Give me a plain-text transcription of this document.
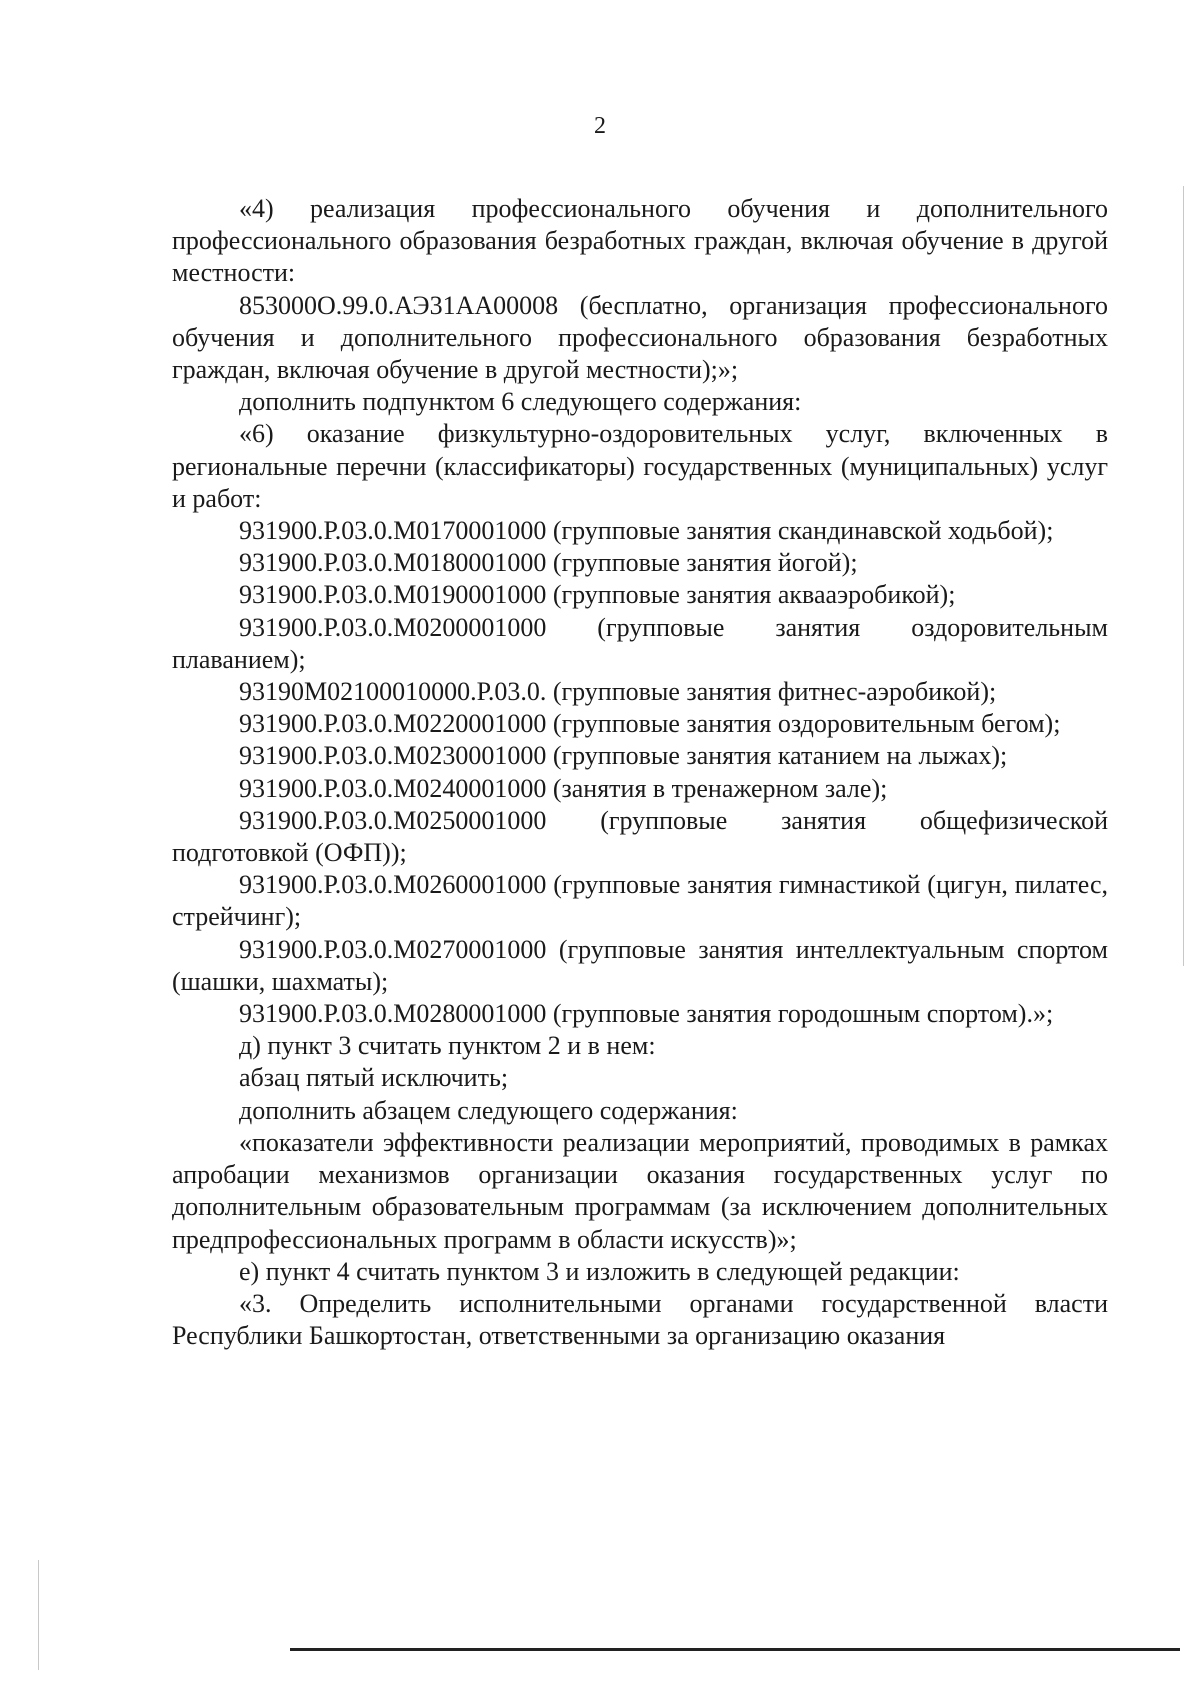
2

«4) реализация профессионального обучения и дополнительного профессионального образования безработных граждан, включая обучение в другой местности:

853000О.99.0.АЭ31АА00008 (бесплатно, организация профессионального обучения и дополнительного профессионального образования безработных граждан, включая обучение в другой местности);»;

дополнить подпунктом 6 следующего содержания:

«6) оказание физкультурно-оздоровительных услуг, включенных в региональные перечни (классификаторы) государственных (муниципальных) услуг и работ:

931900.Р.03.0.М0170001000 (групповые занятия скандинавской ходьбой);

931900.Р.03.0.М0180001000 (групповые занятия йогой);

931900.Р.03.0.М0190001000 (групповые занятия аквааэробикой);

931900.Р.03.0.М0200001000 (групповые занятия оздоровительным плаванием);

93190М02100010000.Р.03.0. (групповые занятия фитнес-аэробикой);

931900.Р.03.0.М0220001000 (групповые занятия оздоровительным бегом);

931900.Р.03.0.М0230001000 (групповые занятия катанием на лыжах);

931900.Р.03.0.М0240001000 (занятия в тренажерном зале);

931900.Р.03.0.М0250001000 (групповые занятия общефизической подготовкой (ОФП));

931900.Р.03.0.М0260001000 (групповые занятия гимнастикой (цигун, пилатес, стрейчинг);

931900.Р.03.0.М0270001000 (групповые занятия интеллектуальным спортом (шашки, шахматы);

931900.Р.03.0.М0280001000 (групповые занятия городошным спортом).»;

д) пункт 3 считать пунктом 2 и в нем:

абзац пятый исключить;

дополнить абзацем следующего содержания:

«показатели эффективности реализации мероприятий, проводимых в рамках апробации механизмов организации оказания государственных услуг по дополнительным образовательным программам (за исключением дополнительных предпрофессиональных программ в области искусств)»;

е) пункт 4 считать пунктом 3 и изложить в следующей редакции:

«3. Определить исполнительными органами государственной власти Республики Башкортостан, ответственными за организацию оказания
